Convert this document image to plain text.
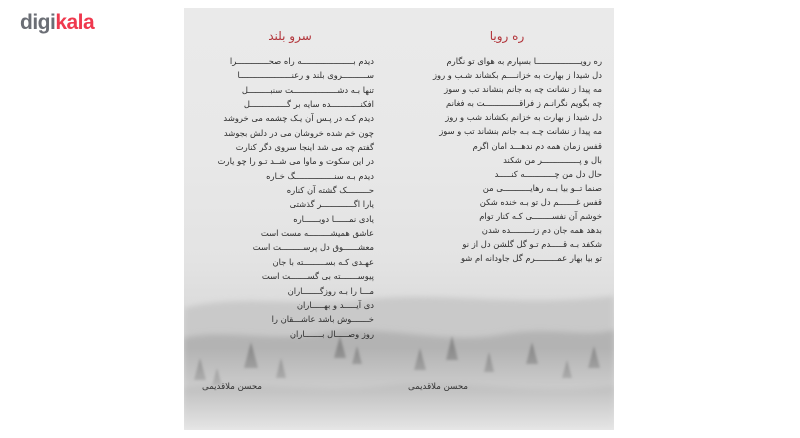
digikala
ره رویا
ره رویــــــــــــــــــا بسپارم به هوای تو نگارم
دل شیدا ز بهارت به خزانــــم بکشاند شـب و روز
مه پیدا ز نشانت چه به جانم بنشاند تب و سوز
چه بگویم نگرانـم ز فراقــــــــــــــت به فغانم
دل شیدا ز بهارت به خزانم بکشاند شب و روز
مه پیدا ز نشانت چـه بـه جانم بنشاند تب و سوز
قفس زمان همه دم ندهـــد امان اگرم
بال و پـــــــــــــــر من شکند
حال دل من چــــــــــــه کنـــــد
صنما تــو بیا بــه رهایـــــــــــی من
قفس غـــــــم دل تو بـه خنده شکن
خوشم آن نفســــــــی کـه کنار توام
بدهد همه جان دم زنـــــــــده شدن
شکفد بـه قـــــدم تـو گل گلشن دل از نو
تو بیا بهار عمـــــــــرم گل جاودانه ام شو
سرو بلند
دیدم بـــــــــــــــــــــه راه صحـــــــــــــرا
ســــــــــروی بلند و رعنـــــــــــــــــــــا
تنها بـه دشــــــــــــــــــت سنبـــــــــل
افکنــــــــــــده سایه بر گـــــــــــــــل
دیدم کـه در پـس آن یـک چشمه می خروشد
چون خم شده خروشان می در دلش بجوشد
گفتم چه می شد اینجا سروی دگر کنارت
در این سکوت و ماوا می شــد تـو را چو یارت
دیدم بـه سنــــــــــــــــگ خـاره
حـــــــــک گشته آن کناره
یارا اگـــــــــــــر گذشتی
یادی نمــــــا دوبــــــاره
عاشق همیشـــــــــه مست است
معشــــــوق دل پرســـــــــت است
عهـدی کـه بســـــــــته با جان
پیوســـــــته بی گســـــــت است
مـــا را بـه روزگـــــــاران
دی آیـــــد و بهـــــاران
خـــــــوش باشد عاشـــقان را
روز وصـــــال بـــــــاران
محسن ملاقدیمی
محسن ملاقدیمی
